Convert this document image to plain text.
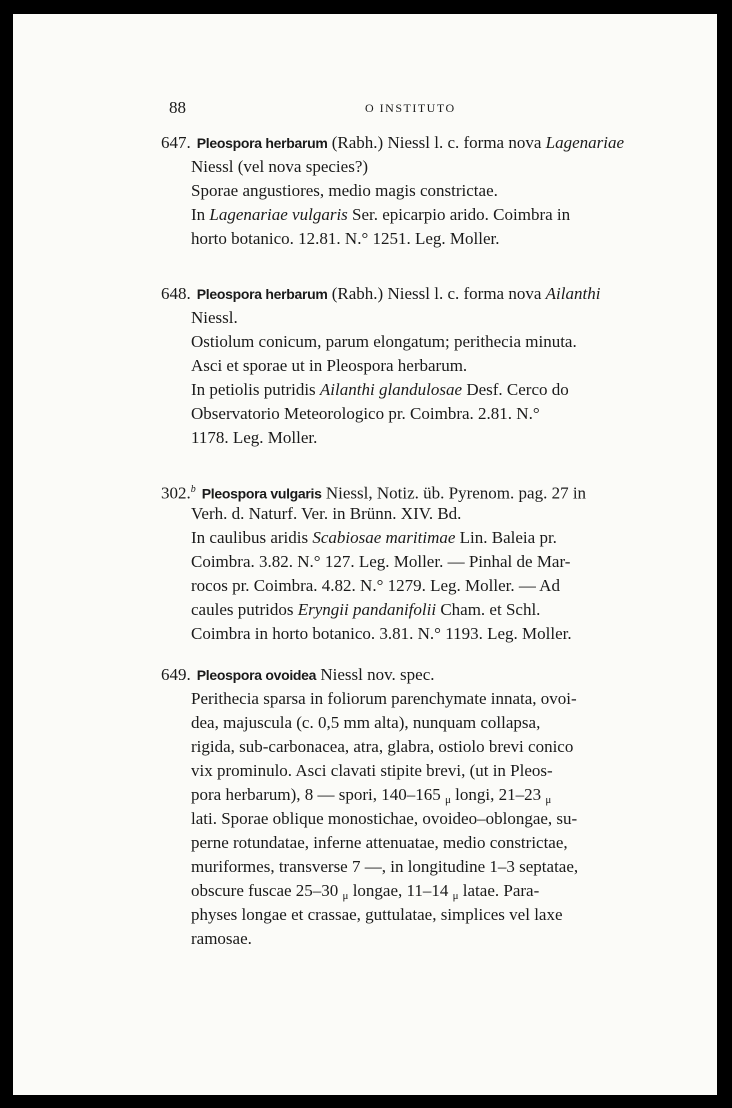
88	O INSTITUTO
647. Pleospora herbarum (Rabh.) Niessl l. c. forma nova Lagenariae
Niessl (vel nova species?)
Sporae angustiores, medio magis constrictae.
In Lagenariae vulgaris Ser. epicarpio arido. Coimbra in
horto botanico. 12.81. N.° 1251. Leg. Moller.
648. Pleospora herbarum (Rabh.) Niessl l. c. forma nova Ailanthi
Niessl.
Ostiolum conicum, parum elongatum; perithecia minuta.
Asci et sporae ut in Pleospora herbarum.
In petiolis putridis Ailanthi glandulosae Desf. Cerco do
Observatorio Meteorologico pr. Coimbra. 2.81. N.°
1178. Leg. Moller.
302.$^b$ Pleospora vulgaris Niessl, Notiz. üb. Pyrenom. pag. 27 in
Verh. d. Naturf. Ver. in Brünn. XIV. Bd.
In caulibus aridis Scabiosae maritimae Lin. Baleia pr.
Coimbra. 3.82. N.° 127. Leg. Moller. — Pinhal de Mar-
rocos pr. Coimbra. 4.82. N.° 1279. Leg. Moller. — Ad
caules putridos Eryngii pandanifolii Cham. et Schl.
Coimbra in horto botanico. 3.81. N.° 1193. Leg. Moller.
649. Pleospora ovoidea Niessl nov. spec.
Perithecia sparsa in foliorum parenchymate innata, ovoi-
dea, majuscula (c. 0,5 mm alta), nunquam collapsa,
rigida, sub-carbonacea, atra, glabra, ostiolo brevi conico
vix prominulo. Asci clavati stipite brevi, (ut in Pleos-
pora herbarum), 8 — spori, 140–165 μ longi, 21–23 μ
lati. Sporae oblique monostichae, ovoideo–oblongae, su-
perne rotundatae, inferne attenuatae, medio constrictae,
muriformes, transverse 7 —, in longitudine 1–3 septatae,
obscure fuscae 25–30 μ longae, 11–14 μ latae. Para-
physes longae et crassae, guttulatae, simplices vel laxe
ramosae.
